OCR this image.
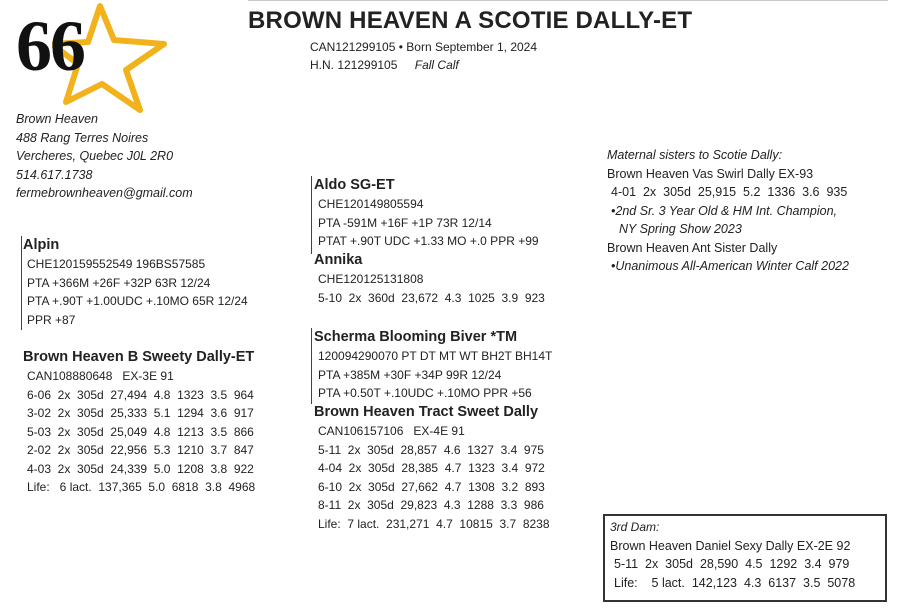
66	BROWN HEAVEN A SCOTIE DALLY-ET
CAN121299105 • Born September 1, 2024
H.N. 121299105 Fall Calf
Brown Heaven
488 Rang Terres Noires
Vercheres, Quebec J0L 2R0
514.617.1738
fermebrownheaven@gmail.com
Alpin
CHE120159552549 196BS57585
PTA +366M +26F +32P 63R 12/24
PTA +.90T +1.00UDC +.10MO 65R 12/24
PPR +87
Brown Heaven B Sweety Dally-ET
CAN108880648   EX-3E 91
6-06  2x  305d  27,494  4.8  1323  3.5  964
3-02  2x  305d  25,333  5.1  1294  3.6  917
5-03  2x  305d  25,049  4.8  1213  3.5  866
2-02  2x  305d  22,956  5.3  1210  3.7  847
4-03  2x  305d  24,339  5.0  1208  3.8  922
Life:   6 lact.  137,365  5.0  6818  3.8  4968
Aldo SG-ET
CHE120149805594
PTA -591M +16F +1P 73R 12/14
PTAT +.90T UDC +1.33 MO +.0 PPR +99
Annika
CHE120125131808
5-10  2x  360d  23,672  4.3  1025  3.9  923
Scherma Blooming Biver *TM
120094290070 PT DT MT WT BH2T BH14T
PTA +385M +30F +34P 99R 12/24
PTA +0.50T +.10UDC +.10MO PPR +56
Brown Heaven Tract Sweet Dally
CAN106157106   EX-4E 91
5-11  2x  305d  28,857  4.6  1327  3.4  975
4-04  2x  305d  28,385  4.7  1323  3.4  972
6-10  2x  305d  27,662  4.7  1308  3.2  893
8-11  2x  305d  29,823  4.3  1288  3.3  986
Life:  7 lact.  231,271  4.7  10815  3.7  8238
Maternal sisters to Scotie Dally:
Brown Heaven Vas Swirl Dally EX-93
4-01  2x  305d  25,915  5.2  1336  3.6  935
•2nd Sr. 3 Year Old & HM Int. Champion,
NY Spring Show 2023
Brown Heaven Ant Sister Dally
•Unanimous All-American Winter Calf 2022
3rd Dam:
Brown Heaven Daniel Sexy Dally EX-2E 92
5-11  2x  305d  28,590  4.5  1292  3.4  979
Life:    5 lact.  142,123  4.3  6137  3.5  5078
